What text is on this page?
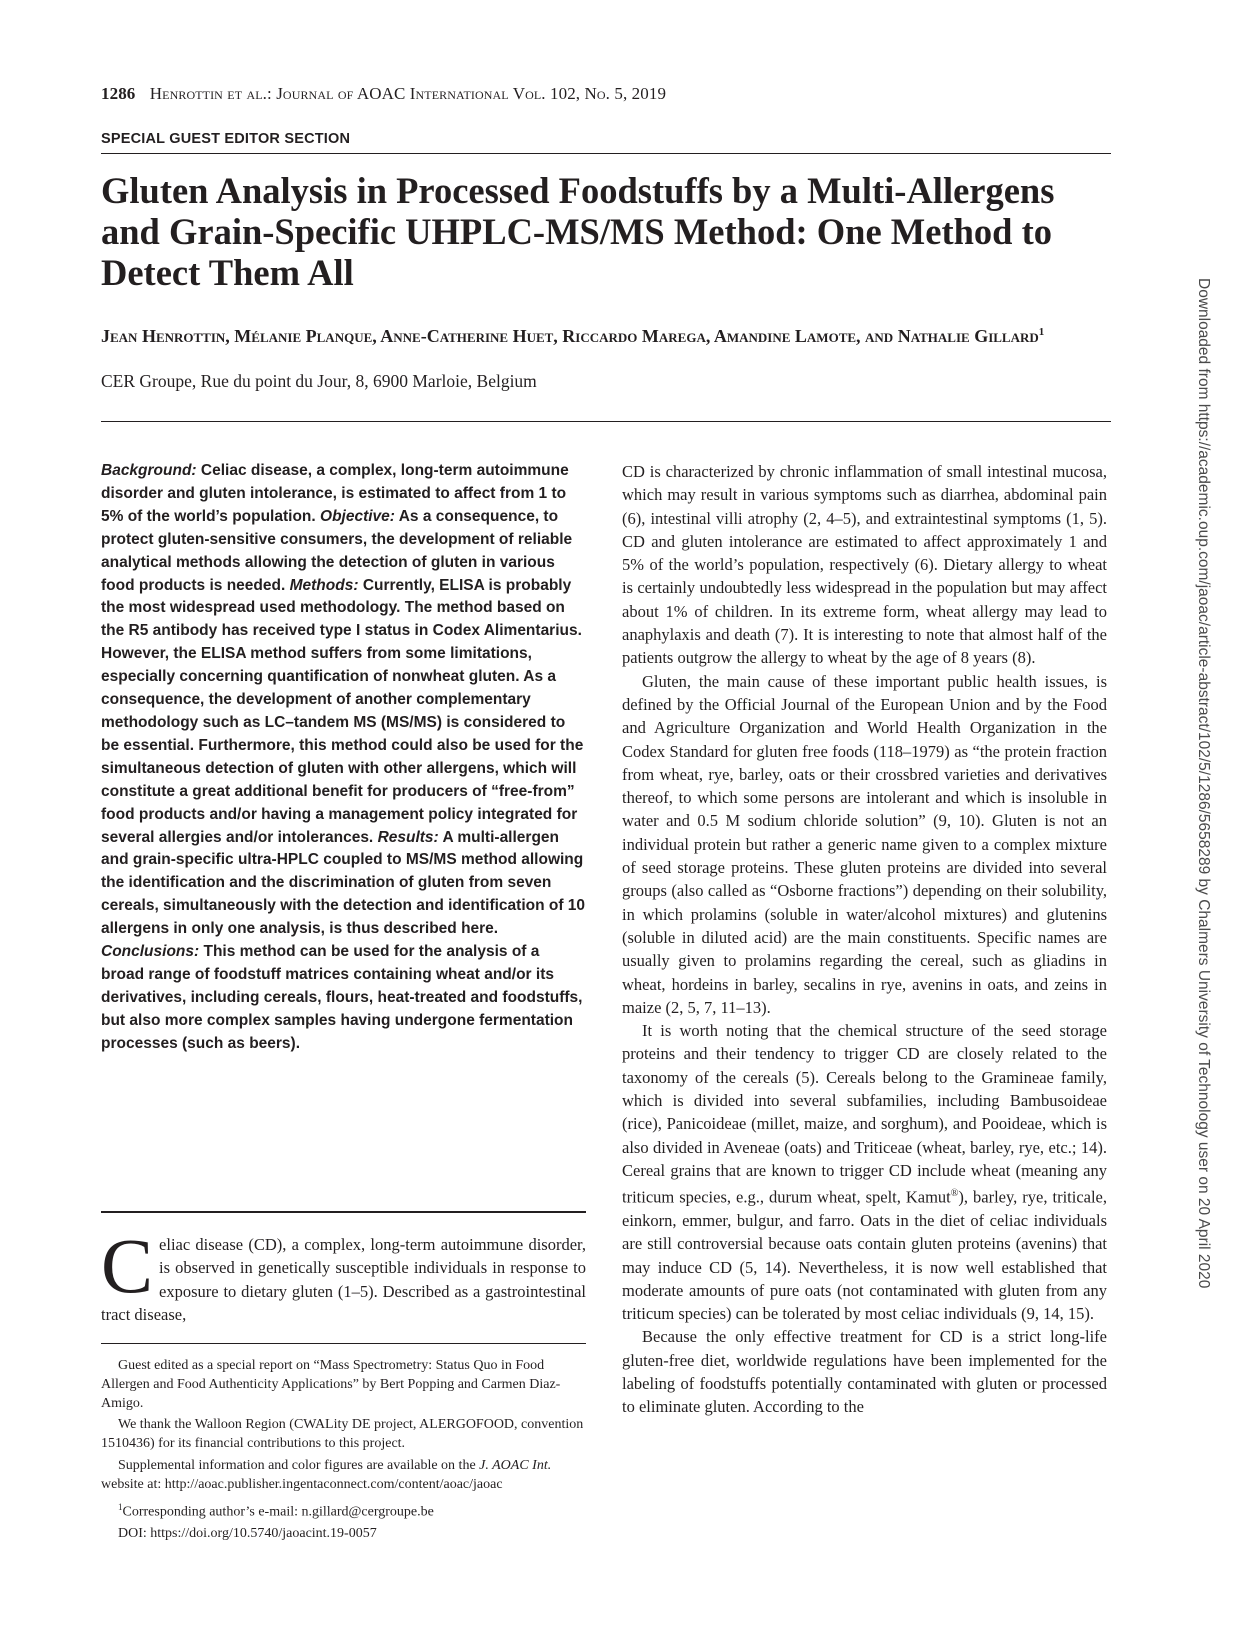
1286 Henrottin et al.: Journal of AOAC International Vol. 102, No. 5, 2019
SPECIAL GUEST EDITOR SECTION
Gluten Analysis in Processed Foodstuffs by a Multi-Allergens and Grain-Specific UHPLC-MS/MS Method: One Method to Detect Them All
Jean Henrottin, Mélanie Planque, Anne-Catherine Huet, Riccardo Marega, Amandine Lamote, and Nathalie Gillard$^1$
CER Groupe, Rue du point du Jour, 8, 6900 Marloie, Belgium
Background: Celiac disease, a complex, long-term autoimmune disorder and gluten intolerance, is estimated to affect from 1 to 5% of the world’s population. Objective: As a consequence, to protect gluten-sensitive consumers, the development of reliable analytical methods allowing the detection of gluten in various food products is needed. Methods: Currently, ELISA is probably the most widespread used methodology. The method based on the R5 antibody has received type I status in Codex Alimentarius. However, the ELISA method suffers from some limitations, especially concerning quantification of nonwheat gluten. As a consequence, the development of another complementary methodology such as LC–tandem MS (MS/MS) is considered to be essential. Furthermore, this method could also be used for the simultaneous detection of gluten with other allergens, which will constitute a great additional benefit for producers of “free-from” food products and/or having a management policy integrated for several allergies and/or intolerances. Results: A multi-allergen and grain-specific ultra-HPLC coupled to MS/MS method allowing the identification and the discrimination of gluten from seven cereals, simultaneously with the detection and identification of 10 allergens in only one analysis, is thus described here. Conclusions: This method can be used for the analysis of a broad range of foodstuff matrices containing wheat and/or its derivatives, including cereals, flours, heat-treated and foodstuffs, but also more complex samples having undergone fermentation processes (such as beers).
Celiac disease (CD), a complex, long-term autoimmune disorder, is observed in genetically susceptible individuals in response to exposure to dietary gluten (1–5). Described as a gastrointestinal tract disease,

Guest edited as a special report on “Mass Spectrometry: Status Quo in Food Allergen and Food Authenticity Applications” by Bert Popping and Carmen Diaz-Amigo.

We thank the Walloon Region (CWALity DE project, ALERGOFOOD, convention 1510436) for its financial contributions to this project.

Supplemental information and color figures are available on the J. AOAC Int. website at: http://aoac.publisher.ingentaconnect.com/content/aoac/jaoac

$^1$Corresponding author’s e-mail: n.gillard@cergroupe.be

DOI: https://doi.org/10.5740/jaoacint.19-0057

CD is characterized by chronic inflammation of small intestinal mucosa, which may result in various symptoms such as diarrhea, abdominal pain (6), intestinal villi atrophy (2, 4–5), and extraintestinal symptoms (1, 5). CD and gluten intolerance are estimated to affect approximately 1 and 5% of the world’s population, respectively (6). Dietary allergy to wheat is certainly undoubtedly less widespread in the population but may affect about 1% of children. In its extreme form, wheat allergy may lead to anaphylaxis and death (7). It is interesting to note that almost half of the patients outgrow the allergy to wheat by the age of 8 years (8).

Gluten, the main cause of these important public health issues, is defined by the Official Journal of the European Union and by the Food and Agriculture Organization and World Health Organization in the Codex Standard for gluten free foods (118–1979) as “the protein fraction from wheat, rye, barley, oats or their crossbred varieties and derivatives thereof, to which some persons are intolerant and which is insoluble in water and 0.5 M sodium chloride solution” (9, 10). Gluten is not an individual protein but rather a generic name given to a complex mixture of seed storage proteins. These gluten proteins are divided into several groups (also called as “Osborne fractions”) depending on their solubility, in which prolamins (soluble in water/alcohol mixtures) and glutenins (soluble in diluted acid) are the main constituents. Specific names are usually given to prolamins regarding the cereal, such as gliadins in wheat, hordeins in barley, secalins in rye, avenins in oats, and zeins in maize (2, 5, 7, 11–13).

It is worth noting that the chemical structure of the seed storage proteins and their tendency to trigger CD are closely related to the taxonomy of the cereals (5). Cereals belong to the Gramineae family, which is divided into several subfamilies, including Bambusoideae (rice), Panicoideae (millet, maize, and sorghum), and Pooideae, which is also divided in Aveneae (oats) and Triticeae (wheat, barley, rye, etc.; 14). Cereal grains that are known to trigger CD include wheat (meaning any triticum species, e.g., durum wheat, spelt, Kamut®), barley, rye, triticale, einkorn, emmer, bulgur, and farro. Oats in the diet of celiac individuals are still controversial because oats contain gluten proteins (avenins) that may induce CD (5, 14). Nevertheless, it is now well established that moderate amounts of pure oats (not contaminated with gluten from any triticum species) can be tolerated by most celiac individuals (9, 14, 15).

Because the only effective treatment for CD is a strict long-life gluten-free diet, worldwide regulations have been implemented for the labeling of foodstuffs potentially contaminated with gluten or processed to eliminate gluten. According to the

Downloaded from https://academic.oup.com/jaoac/article-abstract/102/5/1286/5658289 by Chalmers University of Technology user on 20 April 2020
